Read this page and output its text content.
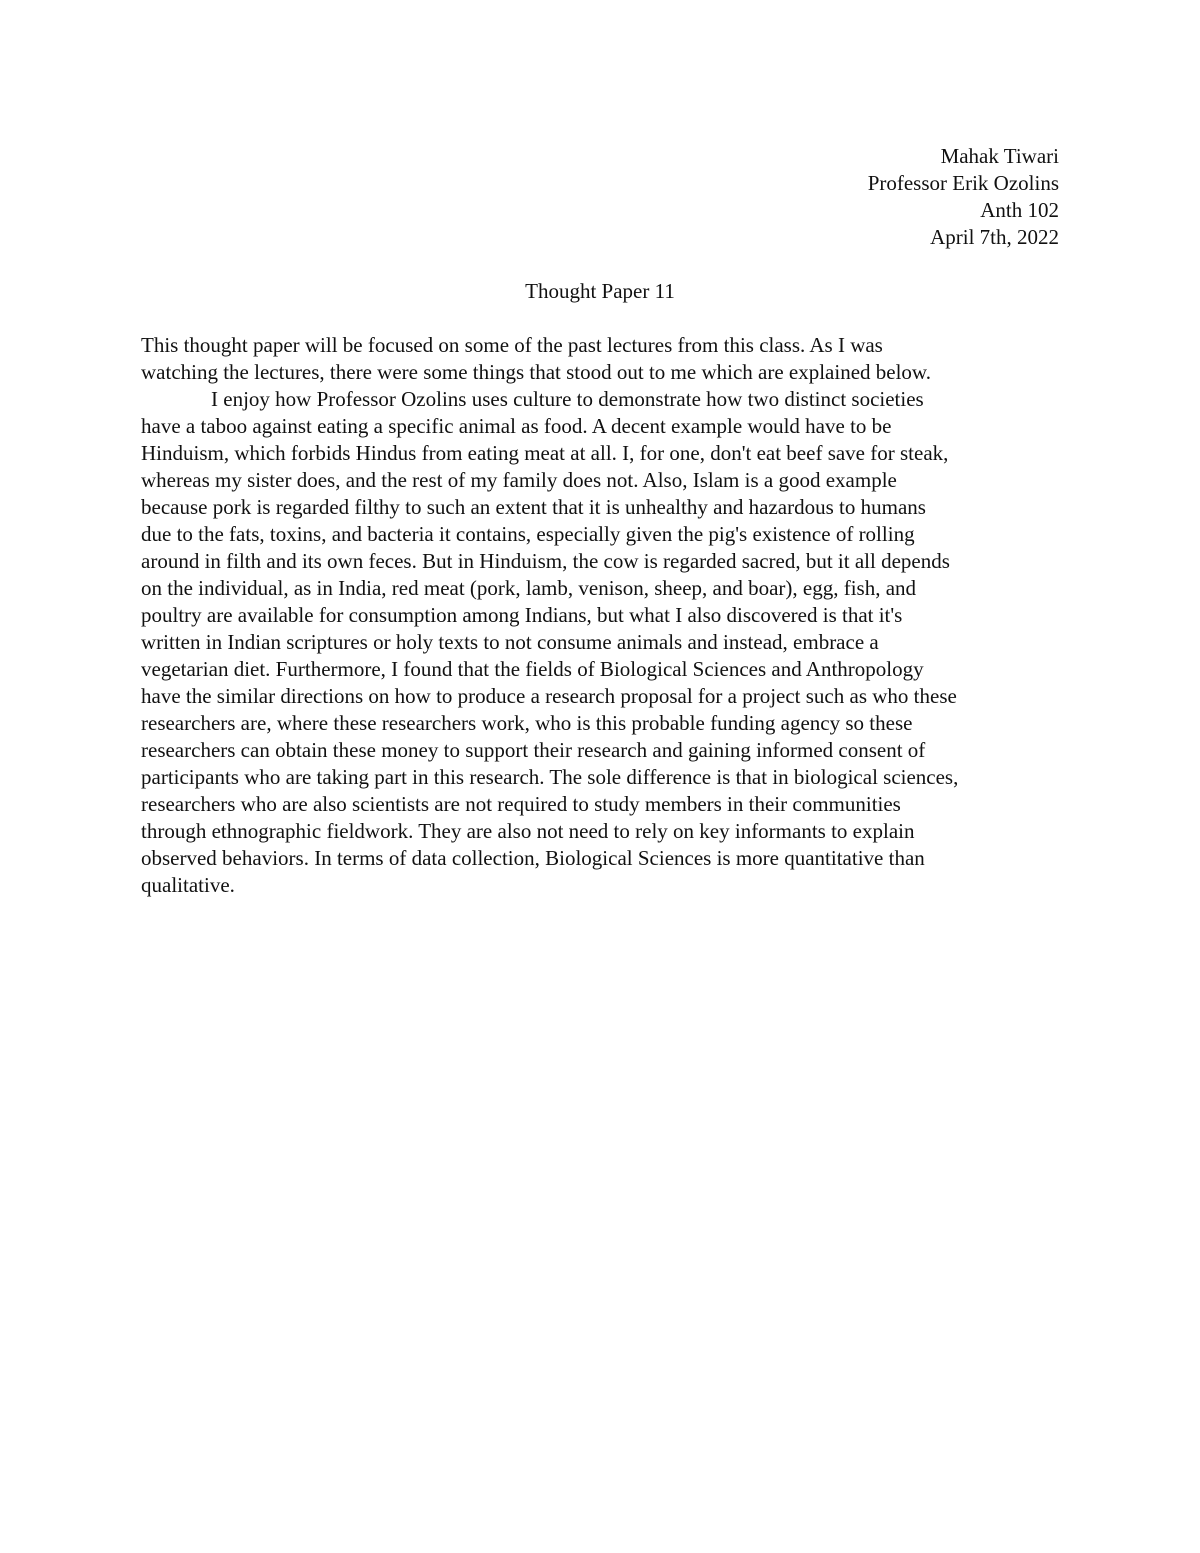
Mahak Tiwari
Professor Erik Ozolins
Anth 102
April 7th, 2022
Thought Paper 11
This thought paper will be focused on some of the past lectures from this class. As I was
watching the lectures, there were some things that stood out to me which are explained below.
I enjoy how Professor Ozolins uses culture to demonstrate how two distinct societies
have a taboo against eating a specific animal as food. A decent example would have to be
Hinduism, which forbids Hindus from eating meat at all. I, for one, don't eat beef save for steak,
whereas my sister does, and the rest of my family does not. Also, Islam is a good example
because pork is regarded filthy to such an extent that it is unhealthy and hazardous to humans
due to the fats, toxins, and bacteria it contains, especially given the pig's existence of rolling
around in filth and its own feces. But in Hinduism, the cow is regarded sacred, but it all depends
on the individual, as in India, red meat (pork, lamb, venison, sheep, and boar), egg, fish, and
poultry are available for consumption among Indians, but what I also discovered is that it's
written in Indian scriptures or holy texts to not consume animals and instead, embrace a
vegetarian diet. Furthermore, I found that the fields of Biological Sciences and Anthropology
have the similar directions on how to produce a research proposal for a project such as who these
researchers are, where these researchers work, who is this probable funding agency so these
researchers can obtain these money to support their research and gaining informed consent of
participants who are taking part in this research. The sole difference is that in biological sciences,
researchers who are also scientists are not required to study members in their communities
through ethnographic fieldwork. They are also not need to rely on key informants to explain
observed behaviors. In terms of data collection, Biological Sciences is more quantitative than
qualitative.
